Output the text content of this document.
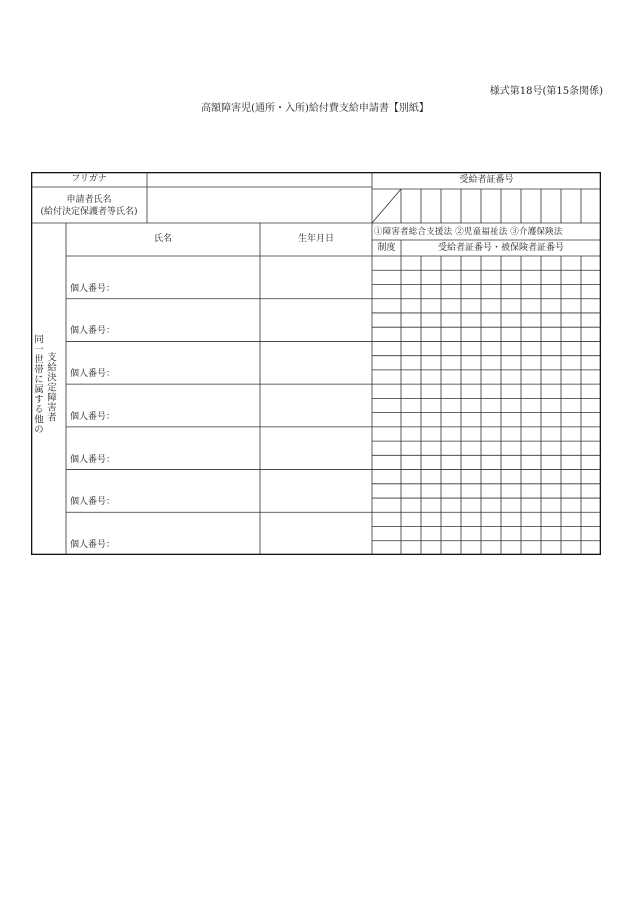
様式第18号(第15条関係)
高額障害児(通所・入所)給付費支給申請書【別紙】
フリガナ
申請者氏名
(給付決定保護者等氏名)
受給者証番号
①障害者総合支援法 ②児童福祉法 ③介護保険法
制度	受給者証番号・被保険者証番号
氏名	生年月日
同一世帯に属する他の 支給決定障害者
個人番号：
個人番号：
個人番号：
個人番号：
個人番号：
個人番号：
個人番号：
